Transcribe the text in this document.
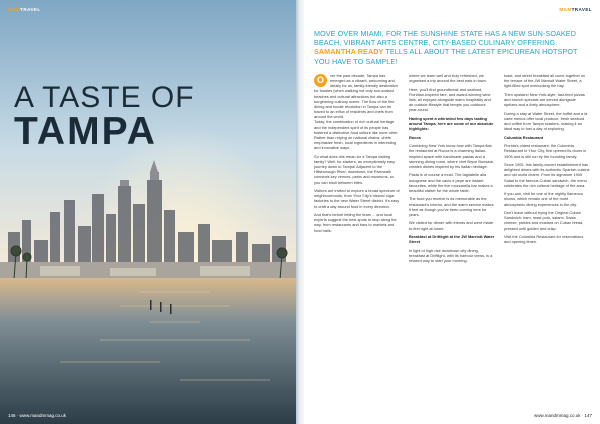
M&MTRAVEL
A TASTE OF
TAMPA
146 · www.mandmmag.co.uk
M&MTRAVEL

MOVE OVER MIAMI, FOR THE SUNSHINE STATE HAS A NEW SUN-SOAKED BEACH, VIBRANT ARTS CENTRE, CITY-BASED CULINARY OFFERING. SAMANTHA READY TELLS ALL ABOUT THE LATEST EPICUREAN HOTSPOT YOU HAVE TO SAMPLE!

O	ver the past decade, Tampa has emerged as a vibrant, welcoming and, ideally for us, family-friendly destination for foodies (when walking not only sun-soaked beaches and cultural attractions but also a burgeoning culinary scene. The flow of the fine dining and foodie revolution in Tampa can be traced to an influx of residents and chefs from around the world.

Today, the combination of rich cultural heritage and the independent spirit of its people has fostered a distinctive food culture like none other. Rather than relying on national chains, chefs emphasize fresh, local ingredients in interesting and innovative ways.

So what does this mean for a Tampa visiting family? Well, for starters, an exceptionally easy journey down to Tampa! Adjacent to the Hillsborough River, downtown, the Riverwalk connects key venues, parks and museums, so you can stroll between bites.

Visitors are invited to explore a broad spectrum of neighbourhoods, from Ybor City's historic cigar factories to the new Water Street district. It's easy to craft a day around food in every direction.

And that's before letting the team ... and local experts suggest the best spots to stop along the way, from restaurants and bars to markets and food halls.

where we learn well and truly refreshed, we organised a trip around the best eats in town.

Here, you'll find groundbreak and seafood, Floridian-inspired fare, and award-winning wine lists, all enjoyed alongside warm hospitality and an outdoor lifestyle that tempts you outdoors year-round.

Having spent a whirlwind few days tasting around Tampa, here are some of our absolute highlights:

Rocca

Combining New York know-how with Tampa flair, the restaurant at Rocca is a charming Italian-inspired space with handmade pastas and a stunning dining room, where chef Bryce Bonsack creates dishes inspired by his Italian heritage.

Pasta is of course a must. The tagliatelle alla bolognese and the cacio e pepe are instant favourites, while the live mozzarella bar makes a beautiful starter for the whole table.

The food you receive is as memorable as the restaurant's interior, and the warm service makes it feel as though you've been coming here for years.

We visited for dinner with friends and were made to feel right at home.

Breakfast at Driftlight at the JW Marriott Water Street

In light of high-rise downtown city dining, breakfast at Driftlight, with its harbour views, is a relaxed way to start your morning.

toast, and street breakfast all come together on the terrace of the JW Marriott Water Street, a light-filled spot overlooking the bay.

Then upstairs! New York-style, fast-fired pizzas and brunch specials are served alongside spritzes and a lively atmosphere.

During a stay at Water Street, the buffet and a la carte menus offer local produce, fresh seafood and coffee from Tampa roasters, making it an ideal way to fuel a day of exploring.

Columbia Restaurant

Florida's oldest restaurant, the Columbia Restaurant in Ybor City, first opened its doors in 1905 and is still run by the founding family.

Since 1905, this family-owned establishment has delighted diners with its authentic Spanish cuisine and old world charm. From its signature 1905 Salad to the famous Cuban sandwich, the menu celebrates the rich cultural heritage of the area.

If you can, visit for one of the nightly flamenco shows, which remain one of the most atmospheric dining experiences in the city.

Don't leave without trying the Original Cuban Sandwich: ham, roast pork, salami, Swiss cheese, pickles and mustard on Cuban bread, pressed until golden and crisp.

Visit the Columbia Restaurant for reservations and opening times.

www.mandmmag.co.uk · 147
